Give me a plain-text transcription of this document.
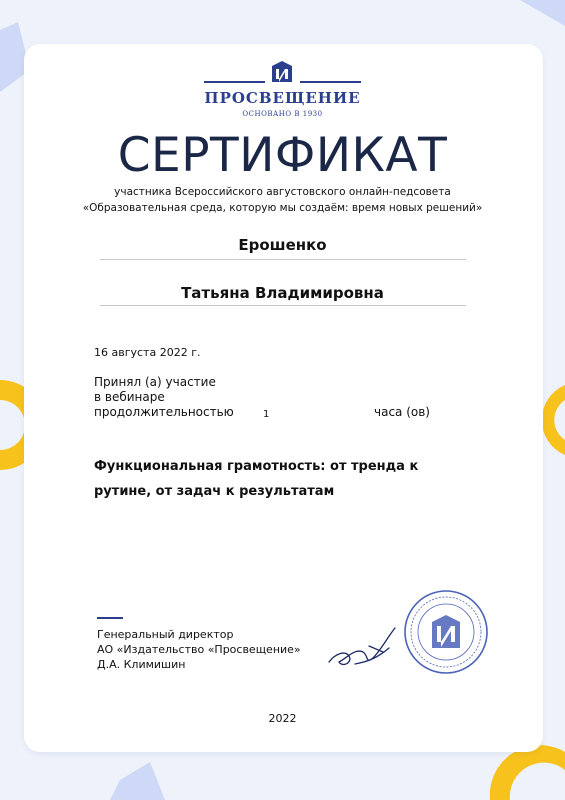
ПРОСВЕЩЕНИЕ
ОСНОВАНО В 1930
СЕРТИФИКАТ
участника Всероссийского августовского онлайн-педсовета
«Образовательная среда, которую мы создаём: время новых решений»
Ерошенко
Татьяна Владимировна
16 августа 2022 г.
Принял (а) участие
в вебинаре
продолжительностью	1	часа (ов)
Функциональная грамотность: от тренда к рутине, от задач к результатам
Генеральный директор
АО «Издательство «Просвещение»
Д.А. Климишин
2022
